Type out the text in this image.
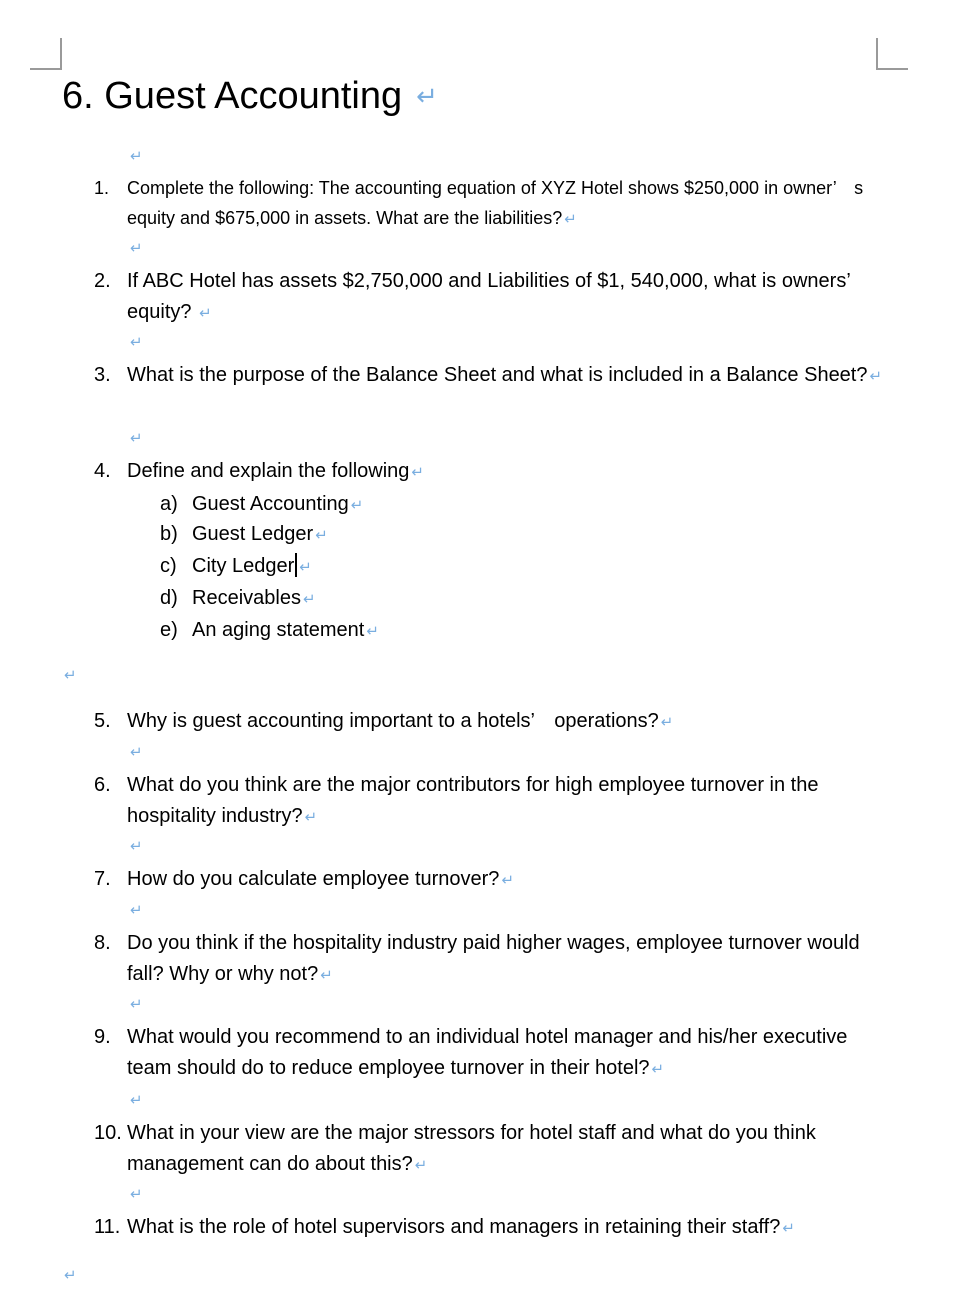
6. Guest Accounting ↵
↵
1. Complete the following: The accounting equation of XYZ Hotel shows $250,000 in owner’　s equity and $675,000 in assets. What are the liabilities? ↵
↵
2. If ABC Hotel has assets $2,750,000 and Liabilities of $1, 540,000, what is owners’　equity? ↵
↵
3. What is the purpose of the Balance Sheet and what is included in a Balance Sheet? ↵
↵
4. Define and explain the following ↵
a) Guest Accounting ↵
b) Guest Ledger ↵
c) City Ledger ↵
d) Receivables ↵
e) An aging statement ↵
↵
5. Why is guest accounting important to a hotels’　operations? ↵
↵
6. What do you think are the major contributors for high employee turnover in the hospitality industry? ↵
↵
7. How do you calculate employee turnover? ↵
↵
8. Do you think if the hospitality industry paid higher wages, employee turnover would fall? Why or why not? ↵
↵
9. What would you recommend to an individual hotel manager and his/her executive team should do to reduce employee turnover in their hotel? ↵
↵
10. What in your view are the major stressors for hotel staff and what do you think management can do about this? ↵
↵
11. What is the role of hotel supervisors and managers in retaining their staff? ↵
↵
